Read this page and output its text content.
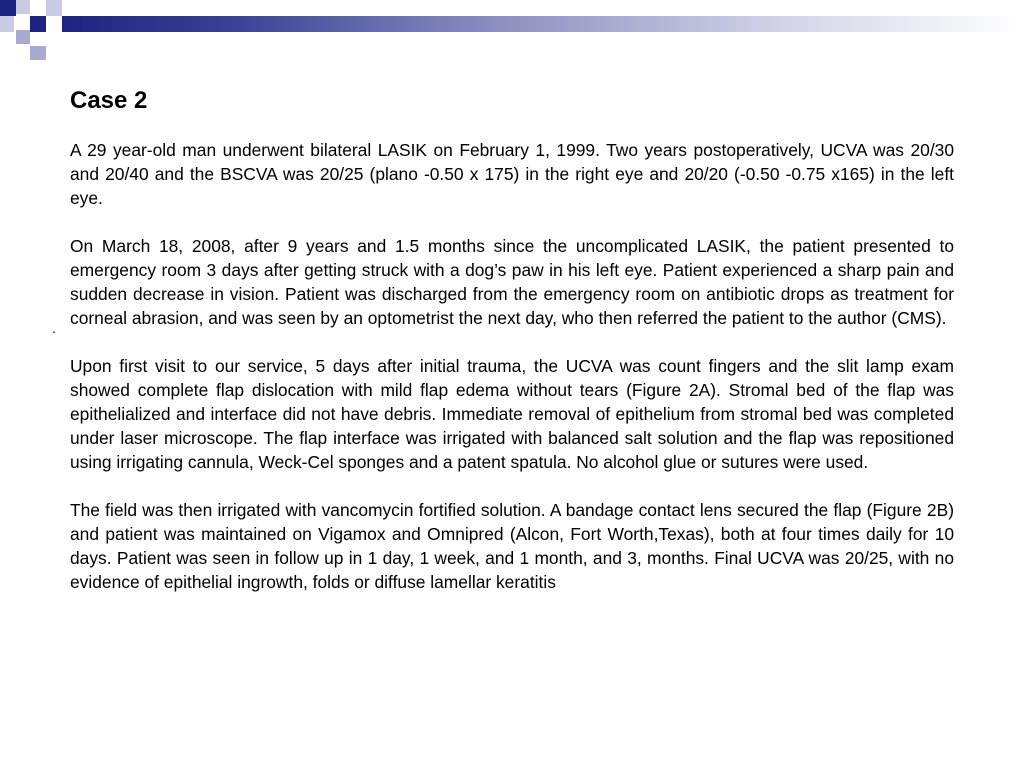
Case 2
.

A 29 year-old man underwent bilateral LASIK on February 1, 1999. Two years postoperatively, UCVA was 20/30 and 20/40 and the BSCVA was 20/25 (plano -0.50 x 175) in the right eye and 20/20 (-0.50 -0.75 x165) in the left eye.

On March 18, 2008, after 9 years and 1.5 months since the uncomplicated LASIK, the patient presented to emergency room 3 days after getting struck with a dog’s paw in his left eye. Patient experienced a sharp pain and sudden decrease in vision. Patient was discharged from the emergency room on antibiotic drops as treatment for corneal abrasion, and was seen by an optometrist the next day, who then referred the patient to the author (CMS).

Upon first visit to our service, 5 days after initial trauma, the UCVA was count fingers and the slit lamp exam showed complete flap dislocation with mild flap edema without tears (Figure 2A). Stromal bed of the flap was epithelialized and interface did not have debris. Immediate removal of epithelium from stromal bed was completed under laser microscope. The flap interface was irrigated with balanced salt solution and the flap was repositioned using irrigating cannula, Weck-Cel sponges and a patent spatula. No alcohol glue or sutures were used.

The field was then irrigated with vancomycin fortified solution. A bandage contact lens secured the flap (Figure 2B) and patient was maintained on Vigamox and Omnipred (Alcon, Fort Worth,Texas), both at four times daily for 10 days. Patient was seen in follow up in 1 day, 1 week, and 1 month, and 3, months. Final UCVA was 20/25, with no evidence of epithelial ingrowth, folds or diffuse lamellar keratitis
